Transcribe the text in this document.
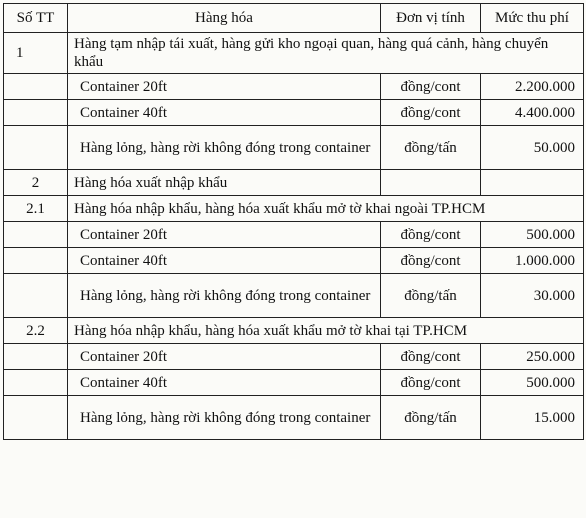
Số TT	Hàng hóa	Đơn vị tính	Mức thu phí
1	Hàng tạm nhập tái xuất, hàng gửi kho ngoại quan, hàng quá cảnh, hàng chuyển khẩu		
	Container 20ft	đồng/cont	2.200.000
	Container 40ft	đồng/cont	4.400.000
	Hàng lỏng, hàng rời không đóng trong container	đồng/tấn	50.000
2	Hàng hóa xuất nhập khẩu		
2.1	Hàng hóa nhập khẩu, hàng hóa xuất khẩu mở tờ khai ngoài TP.HCM		
	Container 20ft	đồng/cont	500.000
	Container 40ft	đồng/cont	1.000.000
	Hàng lỏng, hàng rời không đóng trong container	đồng/tấn	30.000
2.2	Hàng hóa nhập khẩu, hàng hóa xuất khẩu mở tờ khai tại TP.HCM		
	Container 20ft	đồng/cont	250.000
	Container 40ft	đồng/cont	500.000
	Hàng lỏng, hàng rời không đóng trong container	đồng/tấn	15.000
